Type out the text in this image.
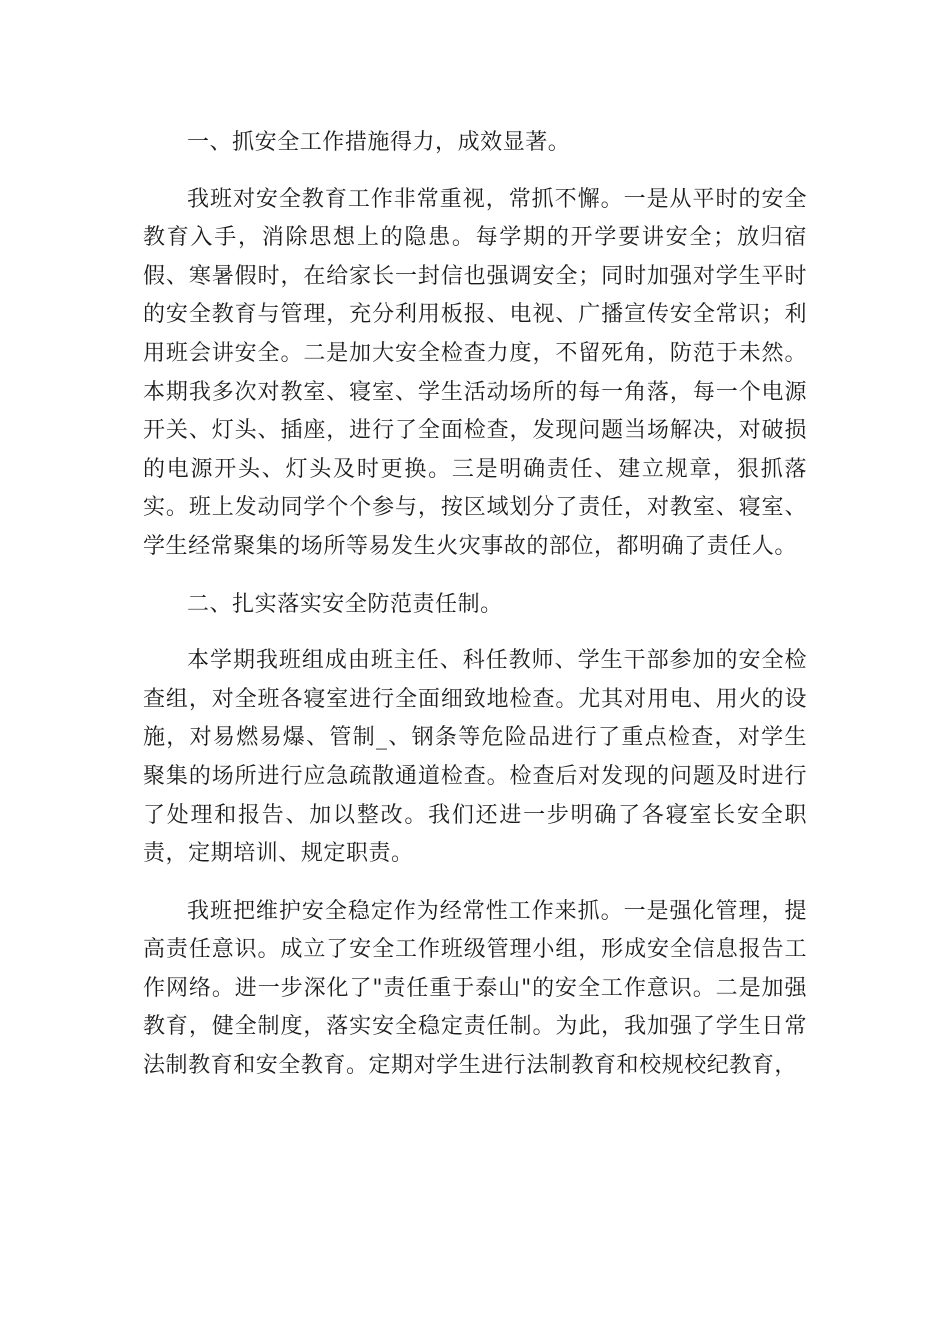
一、抓安全工作措施得力，成效显著。

我班对安全教育工作非常重视，常抓不懈。一是从平时的安全教育入手，消除思想上的隐患。每学期的开学要讲安全；放归宿假、寒暑假时，在给家长一封信也强调安全；同时加强对学生平时的安全教育与管理，充分利用板报、电视、广播宣传安全常识；利用班会讲安全。二是加大安全检查力度，不留死角，防范于未然。本期我多次对教室、寝室、学生活动场所的每一角落，每一个电源开关、灯头、插座，进行了全面检查，发现问题当场解决，对破损的电源开头、灯头及时更换。三是明确责任、建立规章，狠抓落实。班上发动同学个个参与，按区域划分了责任，对教室、寝室、学生经常聚集的场所等易发生火灾事故的部位，都明确了责任人。

二、扎实落实安全防范责任制。

本学期我班组成由班主任、科任教师、学生干部参加的安全检查组，对全班各寝室进行全面细致地检查。尤其对用电、用火的设施，对易燃易爆、管制_、钢条等危险品进行了重点检查，对学生聚集的场所进行应急疏散通道检查。检查后对发现的问题及时进行了处理和报告、加以整改。我们还进一步明确了各寝室长安全职责，定期培训、规定职责。

我班把维护安全稳定作为经常性工作来抓。一是强化管理，提高责任意识。成立了安全工作班级管理小组，形成安全信息报告工作网络。进一步深化了"责任重于泰山"的安全工作意识。二是加强教育，健全制度，落实安全稳定责任制。为此，我加强了学生日常法制教育和安全教育。定期对学生进行法制教育和校规校纪教育，
